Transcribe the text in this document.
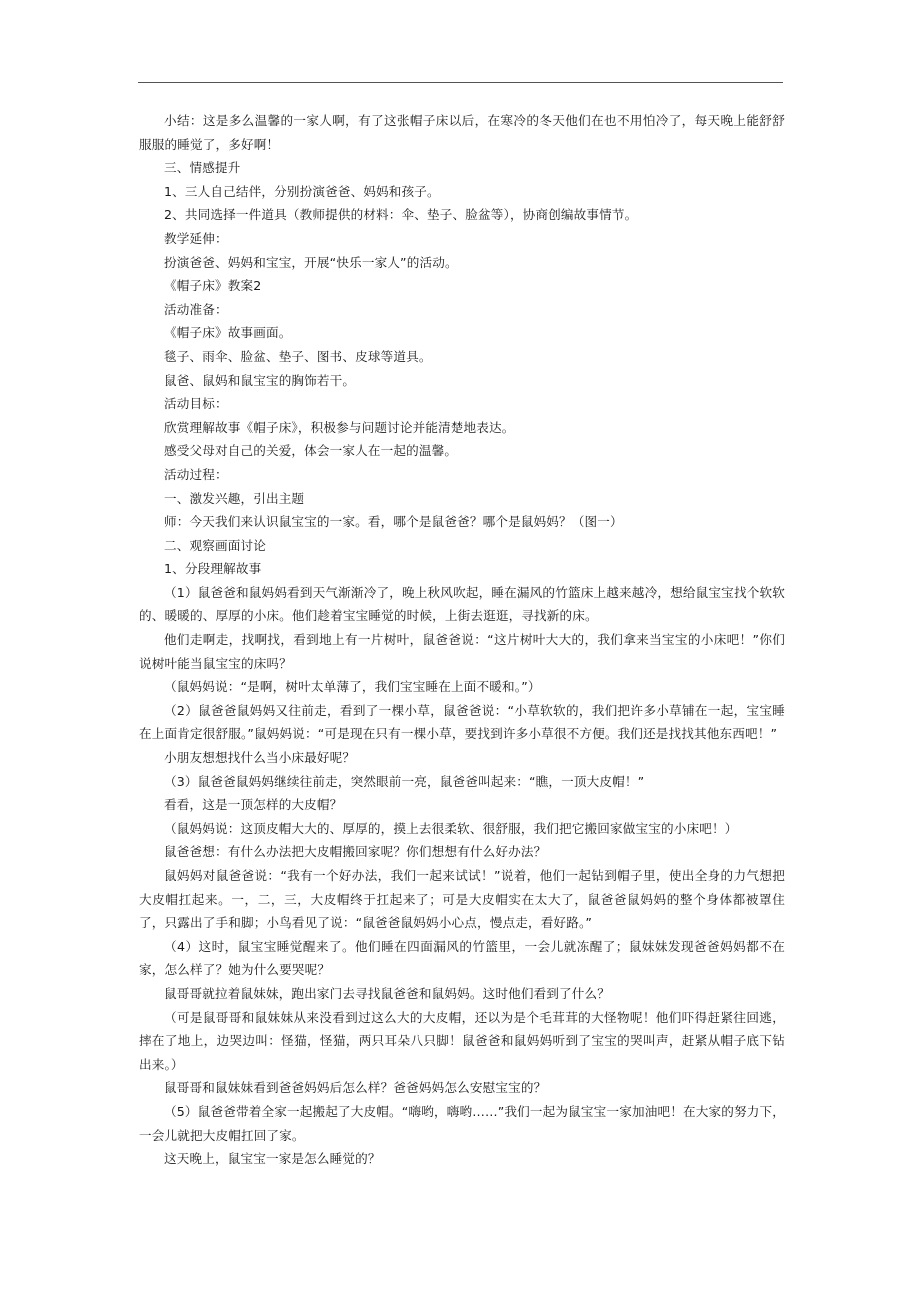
小结：这是多么温馨的一家人啊，有了这张帽子床以后，在寒冷的冬天他们在也不用怕冷了，每天晚上能舒舒服服的睡觉了，多好啊！

三、情感提升

1、三人自己结伴，分别扮演爸爸、妈妈和孩子。

2、共同选择一件道具（教师提供的材料：伞、垫子、脸盆等），协商创编故事情节。

教学延伸：

扮演爸爸、妈妈和宝宝，开展“快乐一家人”的活动。

《帽子床》教案2

活动准备：

《帽子床》故事画面。

毯子、雨伞、脸盆、垫子、图书、皮球等道具。

鼠爸、鼠妈和鼠宝宝的胸饰若干。

活动目标：

欣赏理解故事《帽子床》，积极参与问题讨论并能清楚地表达。

感受父母对自己的关爱，体会一家人在一起的温馨。

活动过程：

一、激发兴趣，引出主题

师：今天我们来认识鼠宝宝的一家。看，哪个是鼠爸爸？哪个是鼠妈妈？（图一）

二、观察画面讨论

1、分段理解故事

（1）鼠爸爸和鼠妈妈看到天气渐渐冷了，晚上秋风吹起，睡在漏风的竹篮床上越来越冷，想给鼠宝宝找个软软的、暖暖的、厚厚的小床。他们趁着宝宝睡觉的时候，上街去逛逛，寻找新的床。

他们走啊走，找啊找，看到地上有一片树叶，鼠爸爸说：“这片树叶大大的，我们拿来当宝宝的小床吧！”你们说树叶能当鼠宝宝的床吗？

（鼠妈妈说：“是啊，树叶太单薄了，我们宝宝睡在上面不暖和。”）

（2）鼠爸爸鼠妈妈又往前走，看到了一棵小草，鼠爸爸说：“小草软软的，我们把许多小草铺在一起，宝宝睡在上面肯定很舒服。”鼠妈妈说：“可是现在只有一棵小草，要找到许多小草很不方便。我们还是找找其他东西吧！”

小朋友想想找什么当小床最好呢？

（3）鼠爸爸鼠妈妈继续往前走，突然眼前一亮，鼠爸爸叫起来：“瞧，一顶大皮帽！”

看看，这是一顶怎样的大皮帽？

（鼠妈妈说：这顶皮帽大大的、厚厚的，摸上去很柔软、很舒服，我们把它搬回家做宝宝的小床吧！）

鼠爸爸想：有什么办法把大皮帽搬回家呢？你们想想有什么好办法？

鼠妈妈对鼠爸爸说：“我有一个好办法，我们一起来试试！”说着，他们一起钻到帽子里，使出全身的力气想把大皮帽扛起来。一，二，三，大皮帽终于扛起来了；可是大皮帽实在太大了，鼠爸爸鼠妈妈的整个身体都被罩住了，只露出了手和脚；小鸟看见了说：“鼠爸爸鼠妈妈小心点，慢点走，看好路。”

（4）这时，鼠宝宝睡觉醒来了。他们睡在四面漏风的竹篮里，一会儿就冻醒了；鼠妹妹发现爸爸妈妈都不在家，怎么样了？她为什么要哭呢？

鼠哥哥就拉着鼠妹妹，跑出家门去寻找鼠爸爸和鼠妈妈。这时他们看到了什么？

（可是鼠哥哥和鼠妹妹从来没看到过这么大的大皮帽，还以为是个毛茸茸的大怪物呢！他们吓得赶紧往回逃，摔在了地上，边哭边叫：怪猫，怪猫，两只耳朵八只脚！鼠爸爸和鼠妈妈听到了宝宝的哭叫声，赶紧从帽子底下钻出来。）

鼠哥哥和鼠妹妹看到爸爸妈妈后怎么样？爸爸妈妈怎么安慰宝宝的？

（5）鼠爸爸带着全家一起搬起了大皮帽。“嗨哟，嗨哟……”我们一起为鼠宝宝一家加油吧！在大家的努力下，一会儿就把大皮帽扛回了家。

这天晚上，鼠宝宝一家是怎么睡觉的？
